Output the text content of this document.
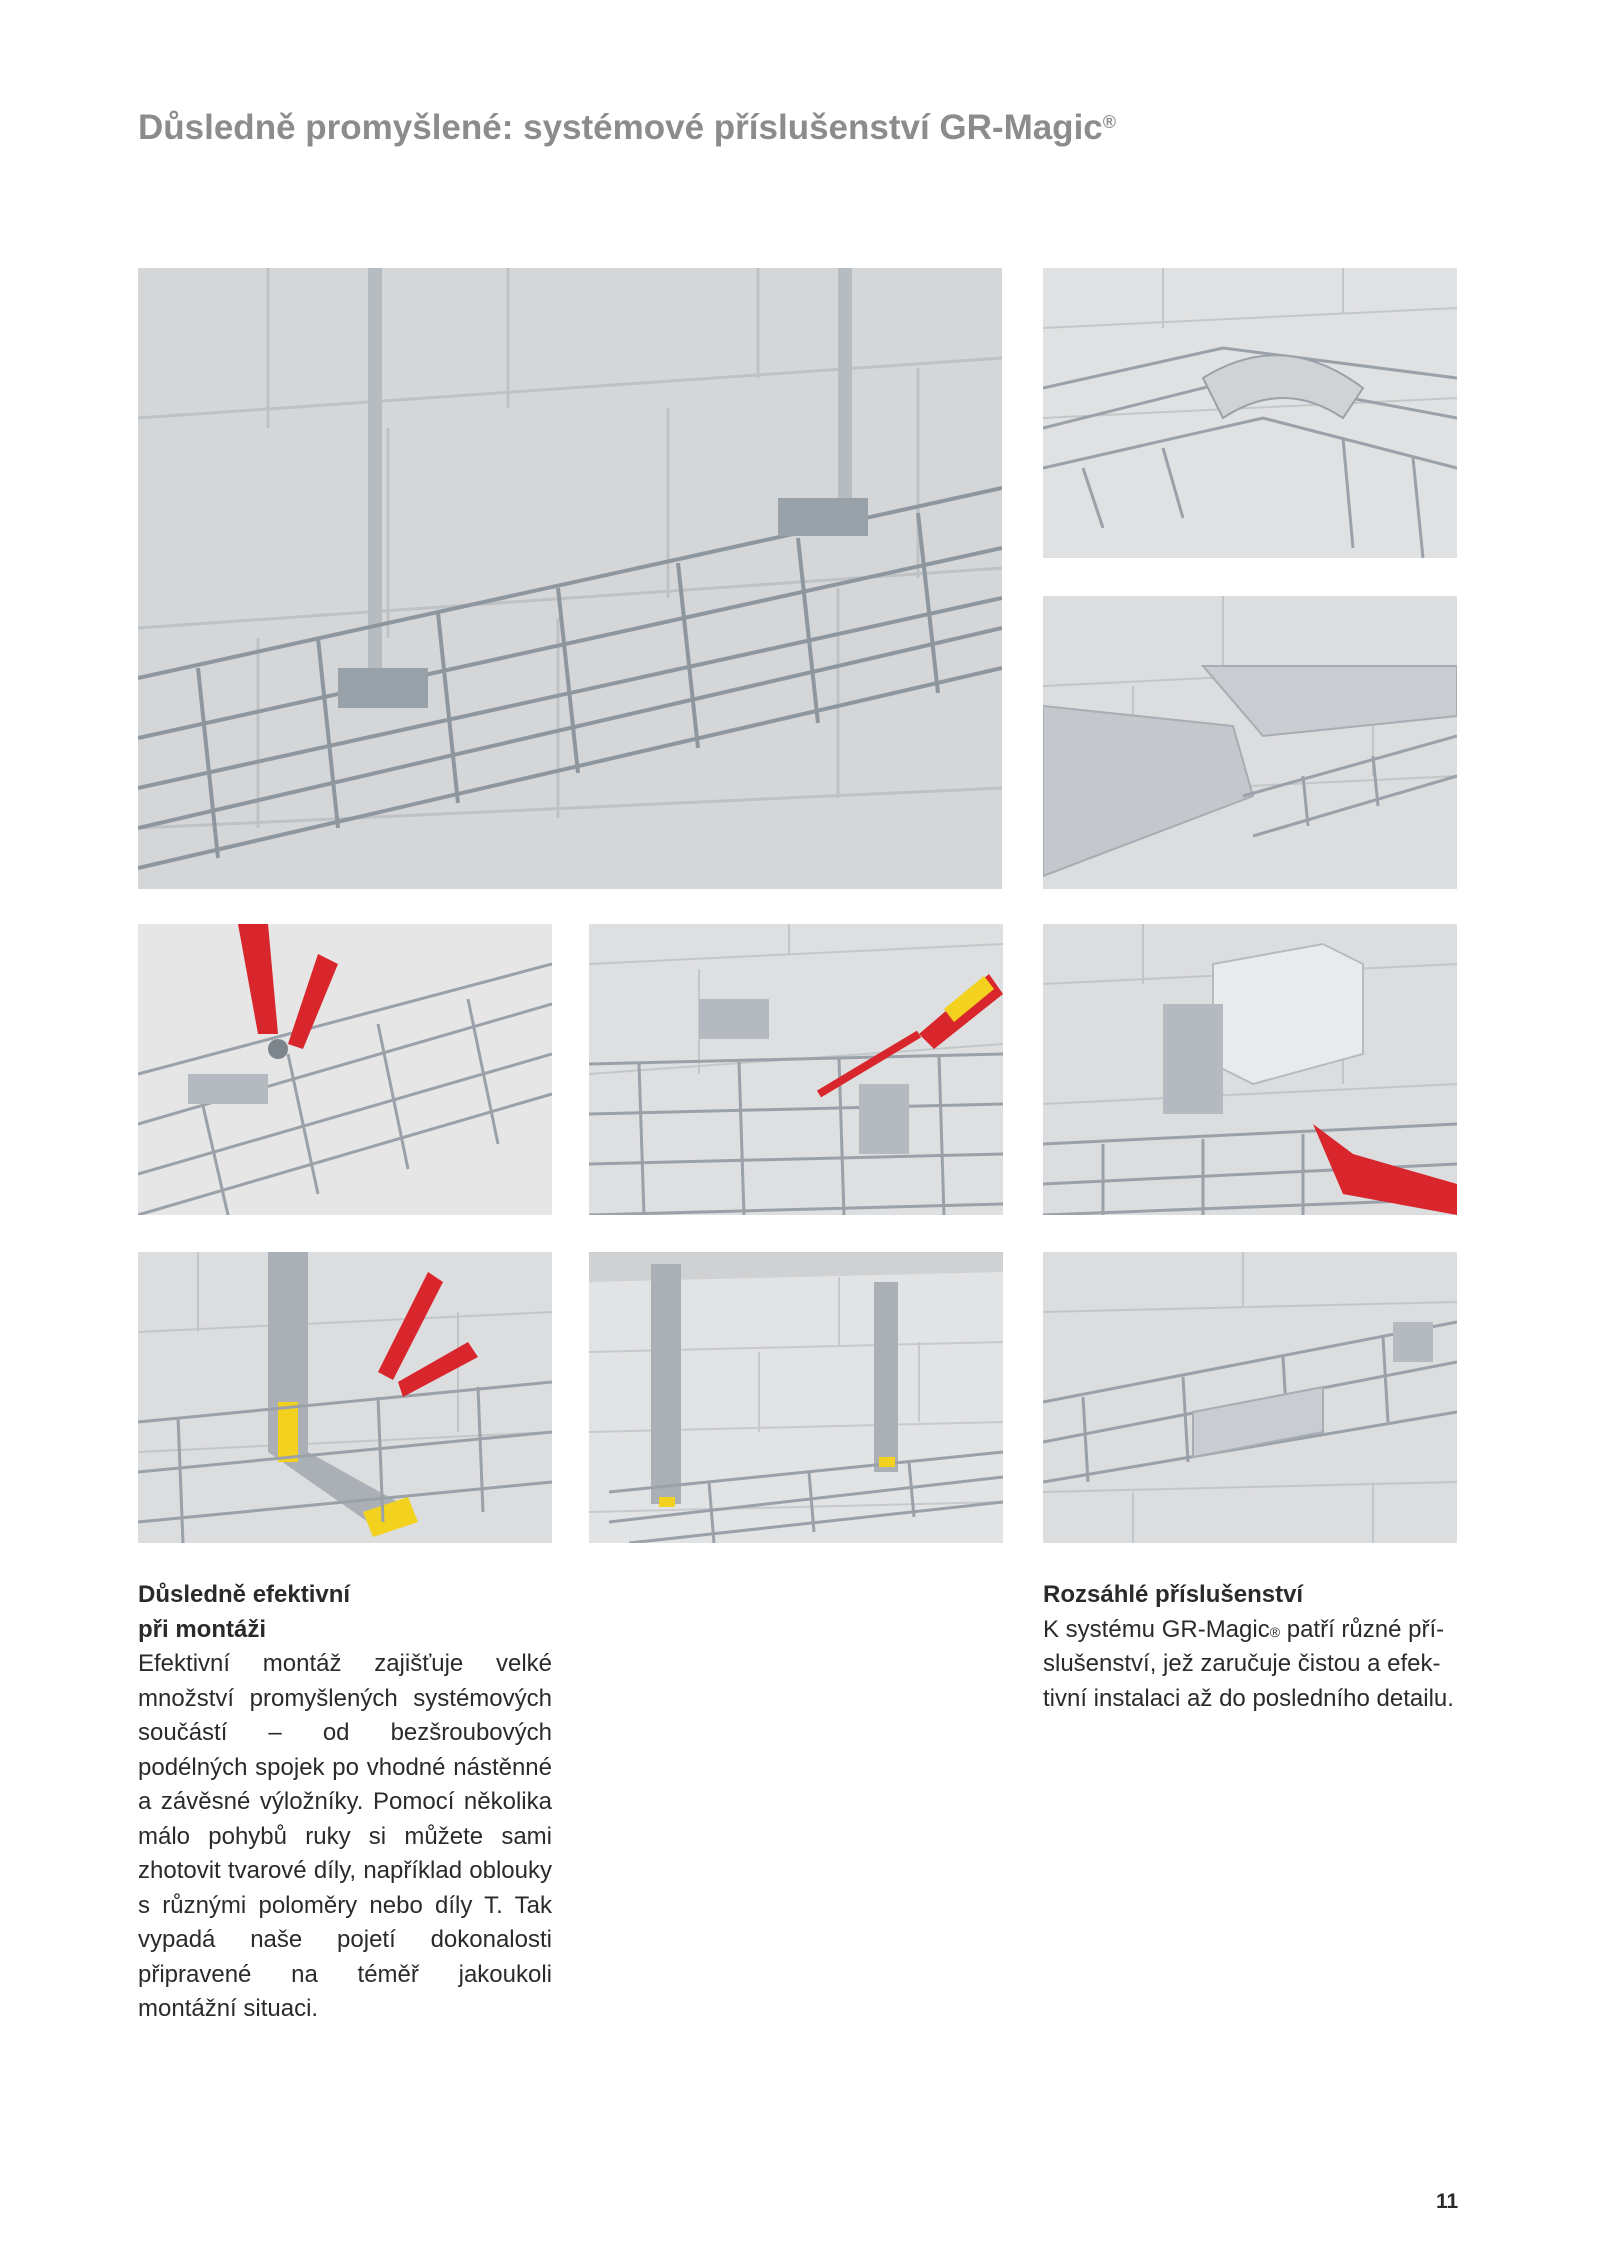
Důsledně promyšlené: systémové příslušenství GR-Magic®
Důsledně efektivní
při montáži
Efektivní montáž zajišťuje velké množství promyšlených systémových součástí – od bezšroubových podélných spojek po vhodné nástěnné a závěsné výložníky. Pomocí několika málo pohybů ruky si můžete sami zhotovit tvarové díly, například oblouky s různými poloměry nebo díly T. Tak vypadá naše pojetí dokonalosti připravené na téměř jakoukoli montážní situaci.
Rozsáhlé příslušenství
K systému GR-Magic® patří různé příslušenství, jež zaručuje čistou a efektivní instalaci až do posledního detailu.
11
